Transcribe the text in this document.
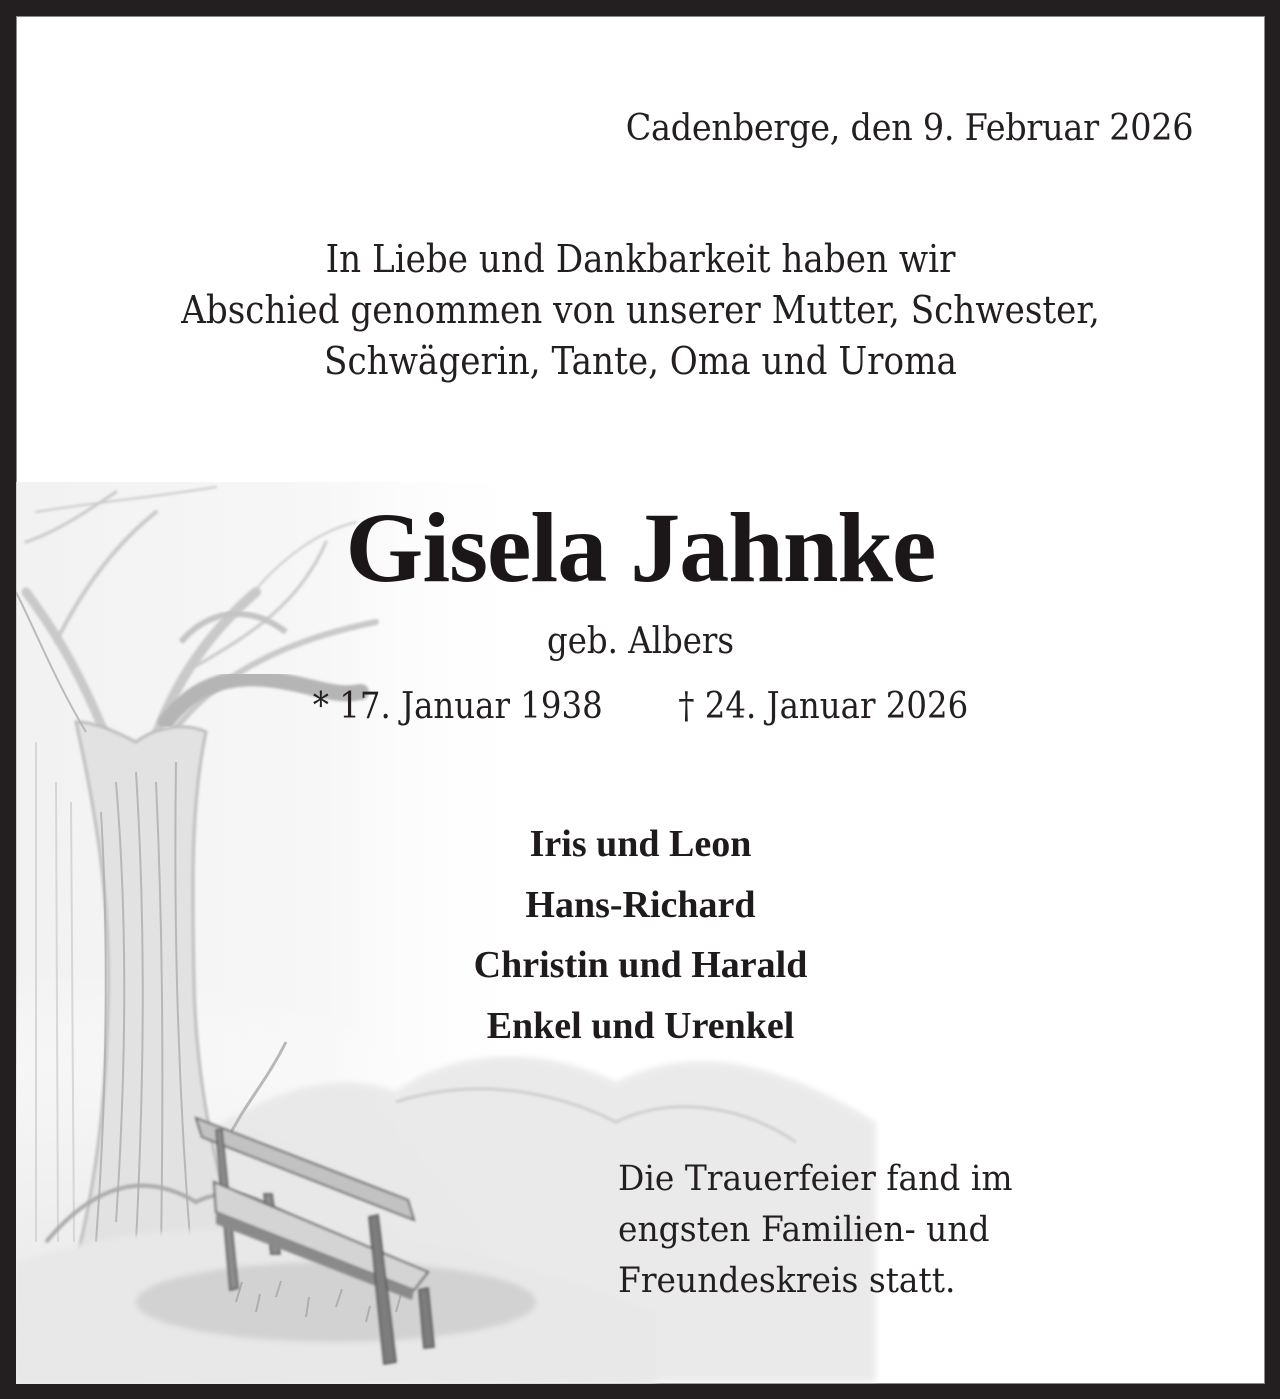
Cadenberge, den 9. Februar 2026
In Liebe und Dankbarkeit haben wir
Abschied genommen von unserer Mutter, Schwester,
Schwägerin, Tante, Oma und Uroma
Gisela Jahnke
geb. Albers
* 17. Januar 1938 † 24. Januar 2026
Iris und Leon
Hans-Richard
Christin und Harald
Enkel und Urenkel
Die Trauerfeier fand im
engsten Familien- und
Freundeskreis statt.
